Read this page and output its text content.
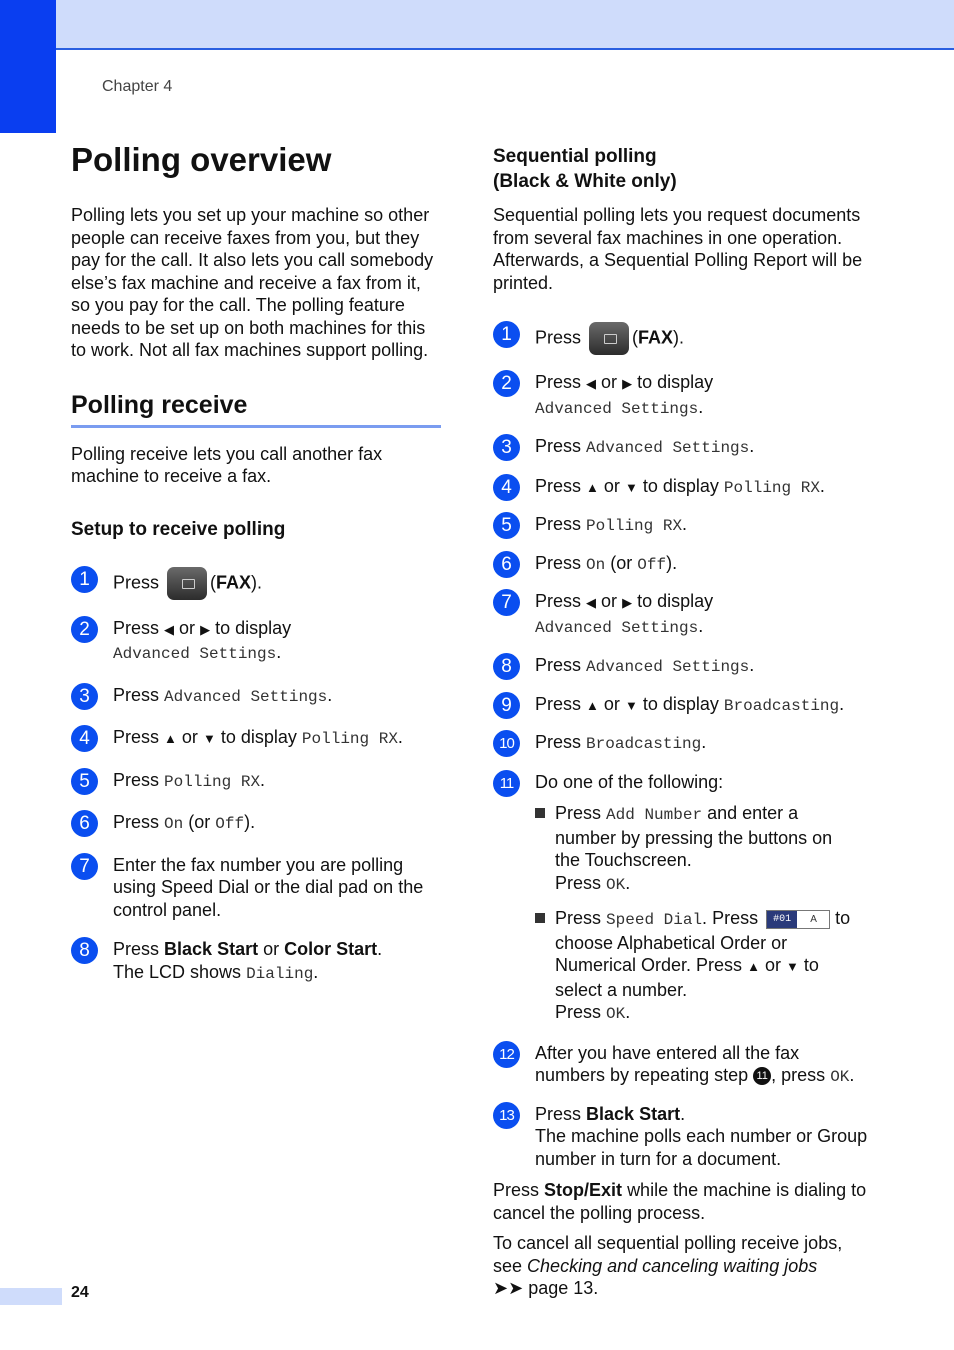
Chapter 4
Polling overview

Polling lets you set up your machine so other people can receive faxes from you, but they pay for the call. It also lets you call somebody else’s fax machine and receive a fax from it, so you pay for the call. The polling feature needs to be set up on both machines for this to work. Not all fax machines support polling.

Polling receive

Polling receive lets you call another fax machine to receive a fax.

Setup to receive polling
1	Press	(FAX).
2	Press ◀ or ▶ to display
Advanced Settings.
3	Press Advanced Settings.
4	Press ▲ or ▼ to display Polling RX.
5	Press Polling RX.
6	Press On (or Off).
7	Enter the fax number you are polling using Speed Dial or the dial pad on the control panel.
8	Press Black Start or Color Start.
The LCD shows Dialing.
Sequential polling
(Black & White only)

Sequential polling lets you request documents from several fax machines in one operation. Afterwards, a Sequential Polling Report will be printed.

1	Press	(FAX).
2	Press ◀ or ▶ to display
Advanced Settings.
3	Press Advanced Settings.
4	Press ▲ or ▼ to display Polling RX.
5	Press Polling RX.
6	Press On (or Off).
7	Press ◀ or ▶ to display
Advanced Settings.
8	Press Advanced Settings.
9	Press ▲ or ▼ to display Broadcasting.
10	Press Broadcasting.
11	Do one of the following:
Press Add Number and enter a number by pressing the buttons on the Touchscreen.
Press OK.
Press Speed Dial. Press	#01	A	to choose Alphabetical Order or Numerical Order. Press ▲ or ▼ to select a number.
Press OK.
12	After you have entered all the fax numbers by repeating step 11 , press OK.
13	Press Black Start.
The machine polls each number or Group number in turn for a document.

Press Stop/Exit while the machine is dialing to cancel the polling process.

To cancel all sequential polling receive jobs, see Checking and canceling waiting jobs
➤➤ page 13.

24
